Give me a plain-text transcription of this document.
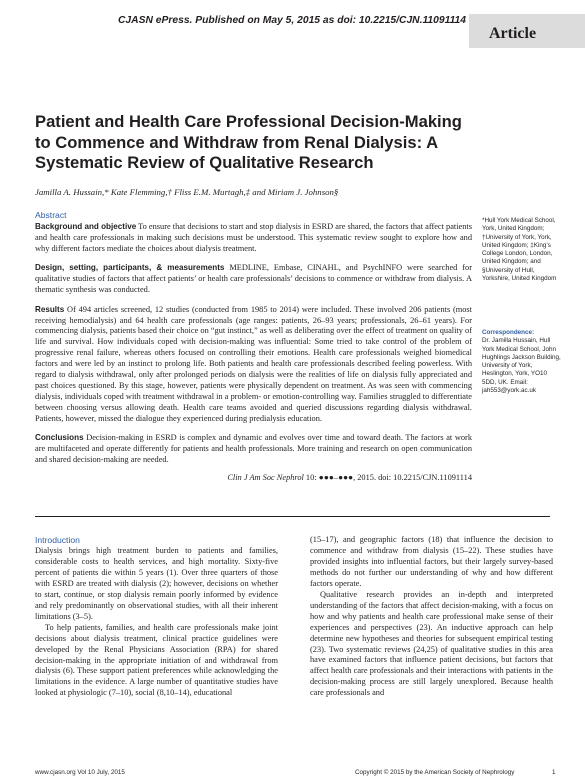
CJASN ePress. Published on May 5, 2015 as doi: 10.2215/CJN.11091114
Article
Patient and Health Care Professional Decision-Making to Commence and Withdraw from Renal Dialysis: A Systematic Review of Qualitative Research
Jamilla A. Hussain,* Kate Flemming,† Fliss E.M. Murtagh,‡ and Miriam J. Johnson§
Abstract

Background and objective To ensure that decisions to start and stop dialysis in ESRD are shared, the factors that affect patients and health care professionals in making such decisions must be understood. This systematic review sought to explore how and why different factors mediate the choices about dialysis treatment.

Design, setting, participants, & measurements MEDLINE, Embase, CINAHL, and PsychINFO were searched for qualitative studies of factors that affect patients’ or health care professionals’ decisions to commence or withdraw from dialysis. A thematic synthesis was conducted.

Results Of 494 articles screened, 12 studies (conducted from 1985 to 2014) were included. These involved 206 patients (most receiving hemodialysis) and 64 health care professionals (age ranges: patients, 26–93 years; professionals, 26–61 years). For commencing dialysis, patients based their choice on “gut instinct,” as well as deliberating over the effect of treatment on quality of life and survival. How individuals coped with decision-making was influential: Some tried to take control of the problem of progressive renal failure, whereas others focused on controlling their emotions. Health care professionals weighed biomedical factors and were led by an instinct to prolong life. Both patients and health care professionals described feeling powerless. With regard to dialysis withdrawal, only after prolonged periods on dialysis were the realities of life on dialysis fully appreciated and past choices questioned. By this stage, however, patients were physically dependent on treatment. As was seen with commencing dialysis, individuals coped with treatment withdrawal in a problem- or emotion-controlling way. Families struggled to differentiate between choosing versus allowing death. Health care teams avoided and queried discussions regarding dialysis withdrawal. Patients, however, missed the dialogue they experienced during predialysis education.

Conclusions Decision-making in ESRD is complex and dynamic and evolves over time and toward death. The factors at work are multifaceted and operate differently for patients and health professionals. More training and research on open communication and shared decision-making are needed.

Clin J Am Soc Nephrol 10: ●●●–●●●, 2015. doi: 10.2215/CJN.11091114

*Hull York Medical School, York, United Kingdom; †University of York, York, United Kingdom; ‡King’s College London, London, United Kingdom; and §University of Hull, Yorkshire, United Kingdom
Correspondence:
Dr. Jamilla Hussain, Hull York Medical School, John Hughlings Jackson Building, University of York, Heslington, York, YO10 5DD, UK. Email: jah553@york.ac.uk
Introduction

Dialysis brings high treatment burden to patients and families, considerable costs to health services, and high mortality. Sixty-five percent of patients die within 5 years (1). Over three quarters of those with ESRD are treated with dialysis (2); however, decisions on whether to start, continue, or stop dialysis remain poorly informed by evidence and rely predominantly on observational studies, with all their inherent limitations (3–5).

To help patients, families, and health care professionals make joint decisions about dialysis treatment, clinical practice guidelines were developed by the Renal Physicians Association (RPA) for shared decision-making in the appropriate initiation of and withdrawal from dialysis (6). These support patient preferences while acknowledging the limitations in the evidence. A large number of quantitative studies have looked at physiologic (7–10), social (8,10–14), educational

(15–17), and geographic factors (18) that influence the decision to commence and withdraw from dialysis (15–22). These studies have provided insights into influential factors, but their largely survey-based methods do not further our understanding of why and how different factors operate.

Qualitative research provides an in-depth and interpreted understanding of the factors that affect decision-making, with a focus on how and why patients and health care professional make sense of their experiences and perspectives (23). An inductive approach can help determine new hypotheses and theories for subsequent empirical testing (23). Two systematic reviews (24,25) of qualitative studies in this area have examined factors that influence patient decisions, but factors that affect health care professionals and their interactions with patients in the decision-making process are still largely unexplored. Because health care professionals and

www.cjasn.org Vol 10 July, 2015	Copyright © 2015 by the American Society of Nephrology	1
